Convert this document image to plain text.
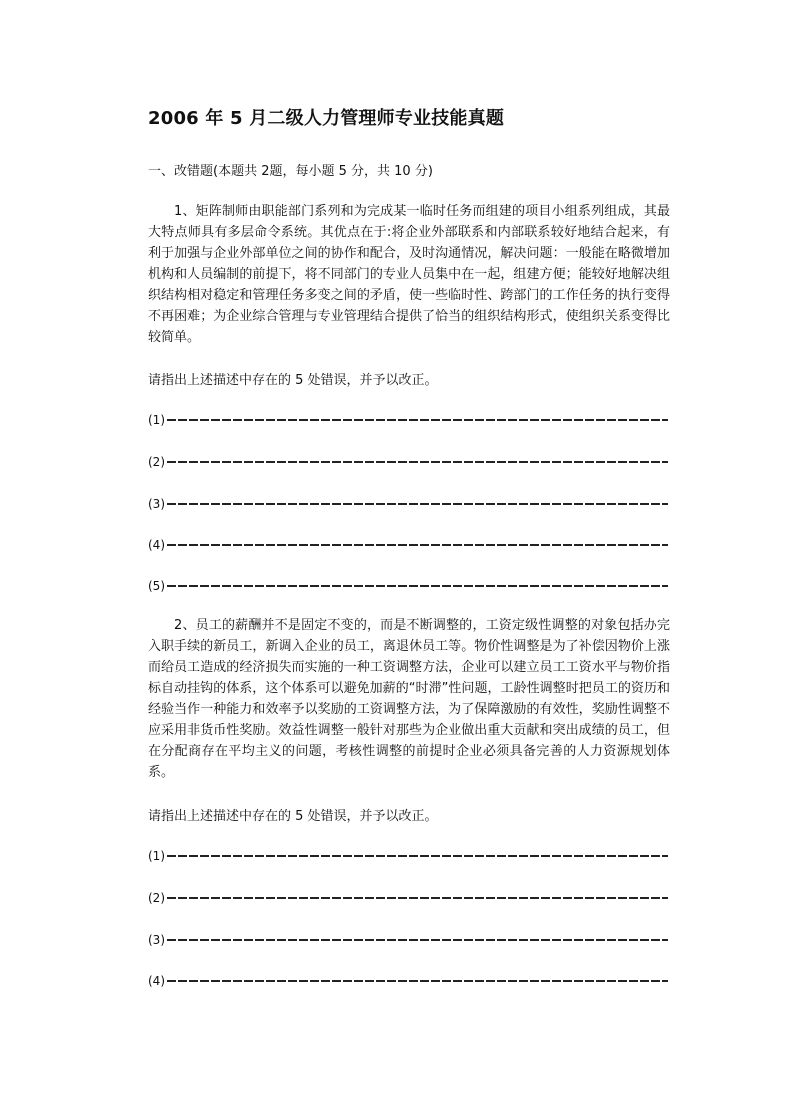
2006 年 5 月二级人力管理师专业技能真题
一、改错题(本题共 2题，每小题 5 分，共 10 分)

1、矩阵制师由职能部门系列和为完成某一临时任务而组建的项目小组系列组成，其最大特点师具有多层命令系统。其优点在于:将企业外部联系和内部联系较好地结合起来，有利于加强与企业外部单位之间的协作和配合，及时沟通情况，解决问题：一般能在略微增加机构和人员编制的前提下，将不同部门的专业人员集中在一起，组建方便；能较好地解决组织结构相对稳定和管理任务多变之间的矛盾，使一些临时性、跨部门的工作任务的执行变得不再困难；为企业综合管理与专业管理结合提供了恰当的组织结构形式，使组织关系变得比较简单。

请指出上述描述中存在的 5 处错误，并予以改正。
(1)
(2)
(3)
(4)
(5)

2、员工的薪酬并不是固定不变的，而是不断调整的，工资定级性调整的对象包括办完入职手续的新员工，新调入企业的员工，离退休员工等。物价性调整是为了补偿因物价上涨而给员工造成的经济损失而实施的一种工资调整方法，企业可以建立员工工资水平与物价指标自动挂钩的体系，这个体系可以避免加薪的“时滞”性问题，工龄性调整时把员工的资历和经验当作一种能力和效率予以奖励的工资调整方法，为了保障激励的有效性，奖励性调整不应采用非货币性奖励。效益性调整一般针对那些为企业做出重大贡献和突出成绩的员工，但在分配商存在平均主义的问题，考核性调整的前提时企业必须具备完善的人力资源规划体系。

请指出上述描述中存在的 5 处错误，并予以改正。
(1)
(2)
(3)
(4)
